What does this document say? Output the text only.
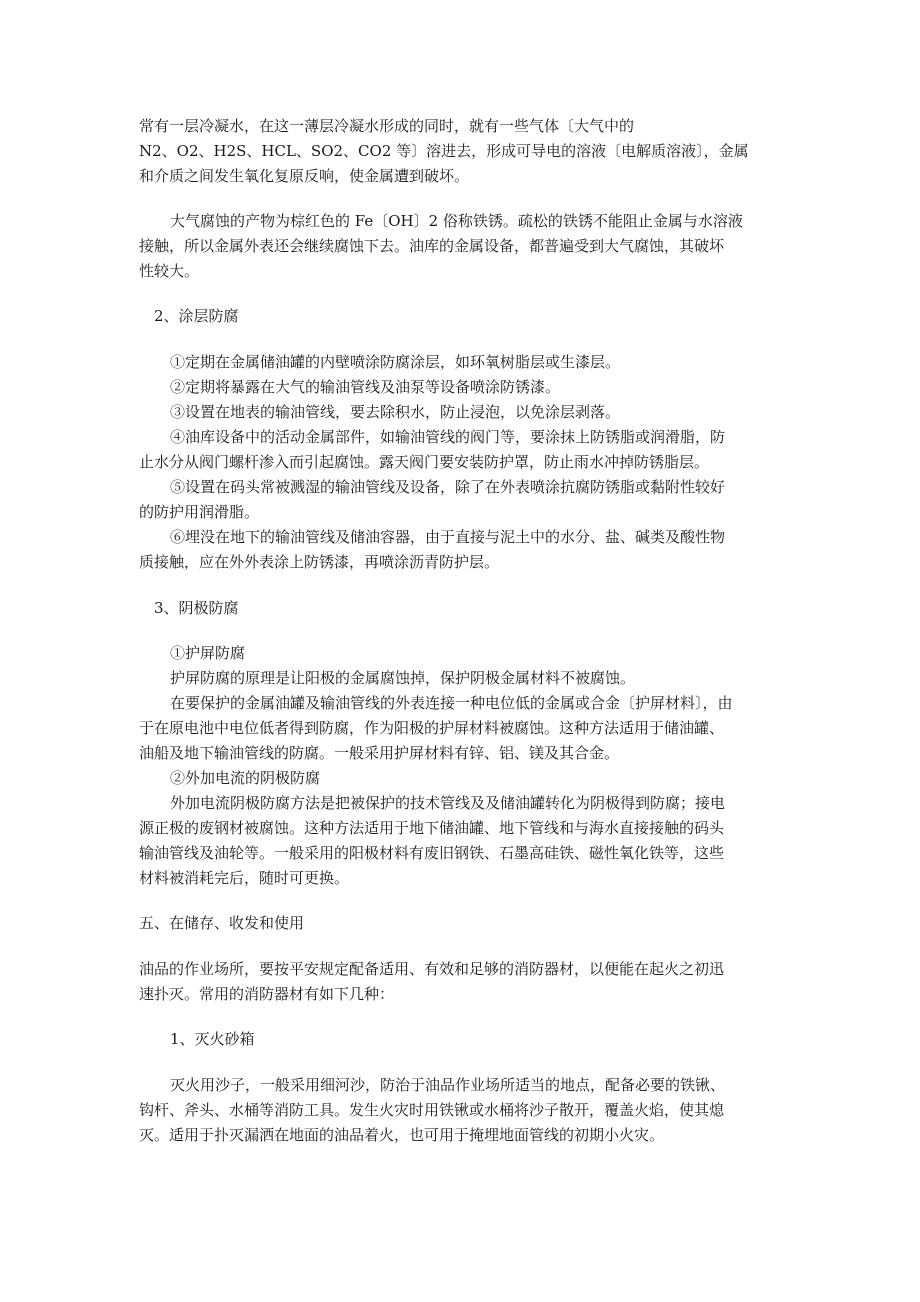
常有一层冷凝水，在这一薄层冷凝水形成的同时，就有一些气体〔大气中的
N2、O2、H2S、HCL、SO2、CO2 等〕溶进去，形成可导电的溶液〔电解质溶液〕，金属
和介质之间发生氧化复原反响，使金属遭到破坏。
大气腐蚀的产物为棕红色的 Fe〔OH〕2 俗称铁锈。疏松的铁锈不能阻止金属与水溶液
接触，所以金属外表还会继续腐蚀下去。油库的金属设备，都普遍受到大气腐蚀，其破坏
性较大。
2、涂层防腐
①定期在金属储油罐的内壁喷涂防腐涂层，如环氧树脂层或生漆层。
②定期将暴露在大气的输油管线及油泵等设备喷涂防锈漆。
③设置在地表的输油管线，要去除积水，防止浸泡，以免涂层剥落。
④油库设备中的活动金属部件，如输油管线的阀门等，要涂抹上防锈脂或润滑脂，防
止水分从阀门螺杆渗入而引起腐蚀。露天阀门要安装防护罩，防止雨水冲掉防锈脂层。
⑤设置在码头常被溅湿的输油管线及设备，除了在外表喷涂抗腐防锈脂或黏附性较好
的防护用润滑脂。
⑥埋没在地下的输油管线及储油容器，由于直接与泥土中的水分、盐、碱类及酸性物
质接触，应在外外表涂上防锈漆，再喷涂沥青防护层。
3、阴极防腐
①护屏防腐
护屏防腐的原理是让阳极的金属腐蚀掉，保护阴极金属材料不被腐蚀。
在要保护的金属油罐及输油管线的外表连接一种电位低的金属或合金〔护屏材料〕，由
于在原电池中电位低者得到防腐，作为阳极的护屏材料被腐蚀。这种方法适用于储油罐、
油船及地下输油管线的防腐。一般采用护屏材料有锌、铝、镁及其合金。
②外加电流的阴极防腐
外加电流阴极防腐方法是把被保护的技术管线及及储油罐转化为阴极得到防腐；接电
源正极的废钢材被腐蚀。这种方法适用于地下储油罐、地下管线和与海水直接接触的码头
输油管线及油轮等。一般采用的阳极材料有废旧钢铁、石墨高硅铁、磁性氧化铁等，这些
材料被消耗完后，随时可更换。
五、在储存、收发和使用
油品的作业场所，要按平安规定配备适用、有效和足够的消防器材，以便能在起火之初迅
速扑灭。常用的消防器材有如下几种：
1、灭火砂箱
灭火用沙子，一般采用细河沙，防治于油品作业场所适当的地点，配备必要的铁锹、
钩杆、斧头、水桶等消防工具。发生火灾时用铁锹或水桶将沙子散开，覆盖火焰，使其熄
灭。适用于扑灭漏洒在地面的油品着火，也可用于掩埋地面管线的初期小火灾。
